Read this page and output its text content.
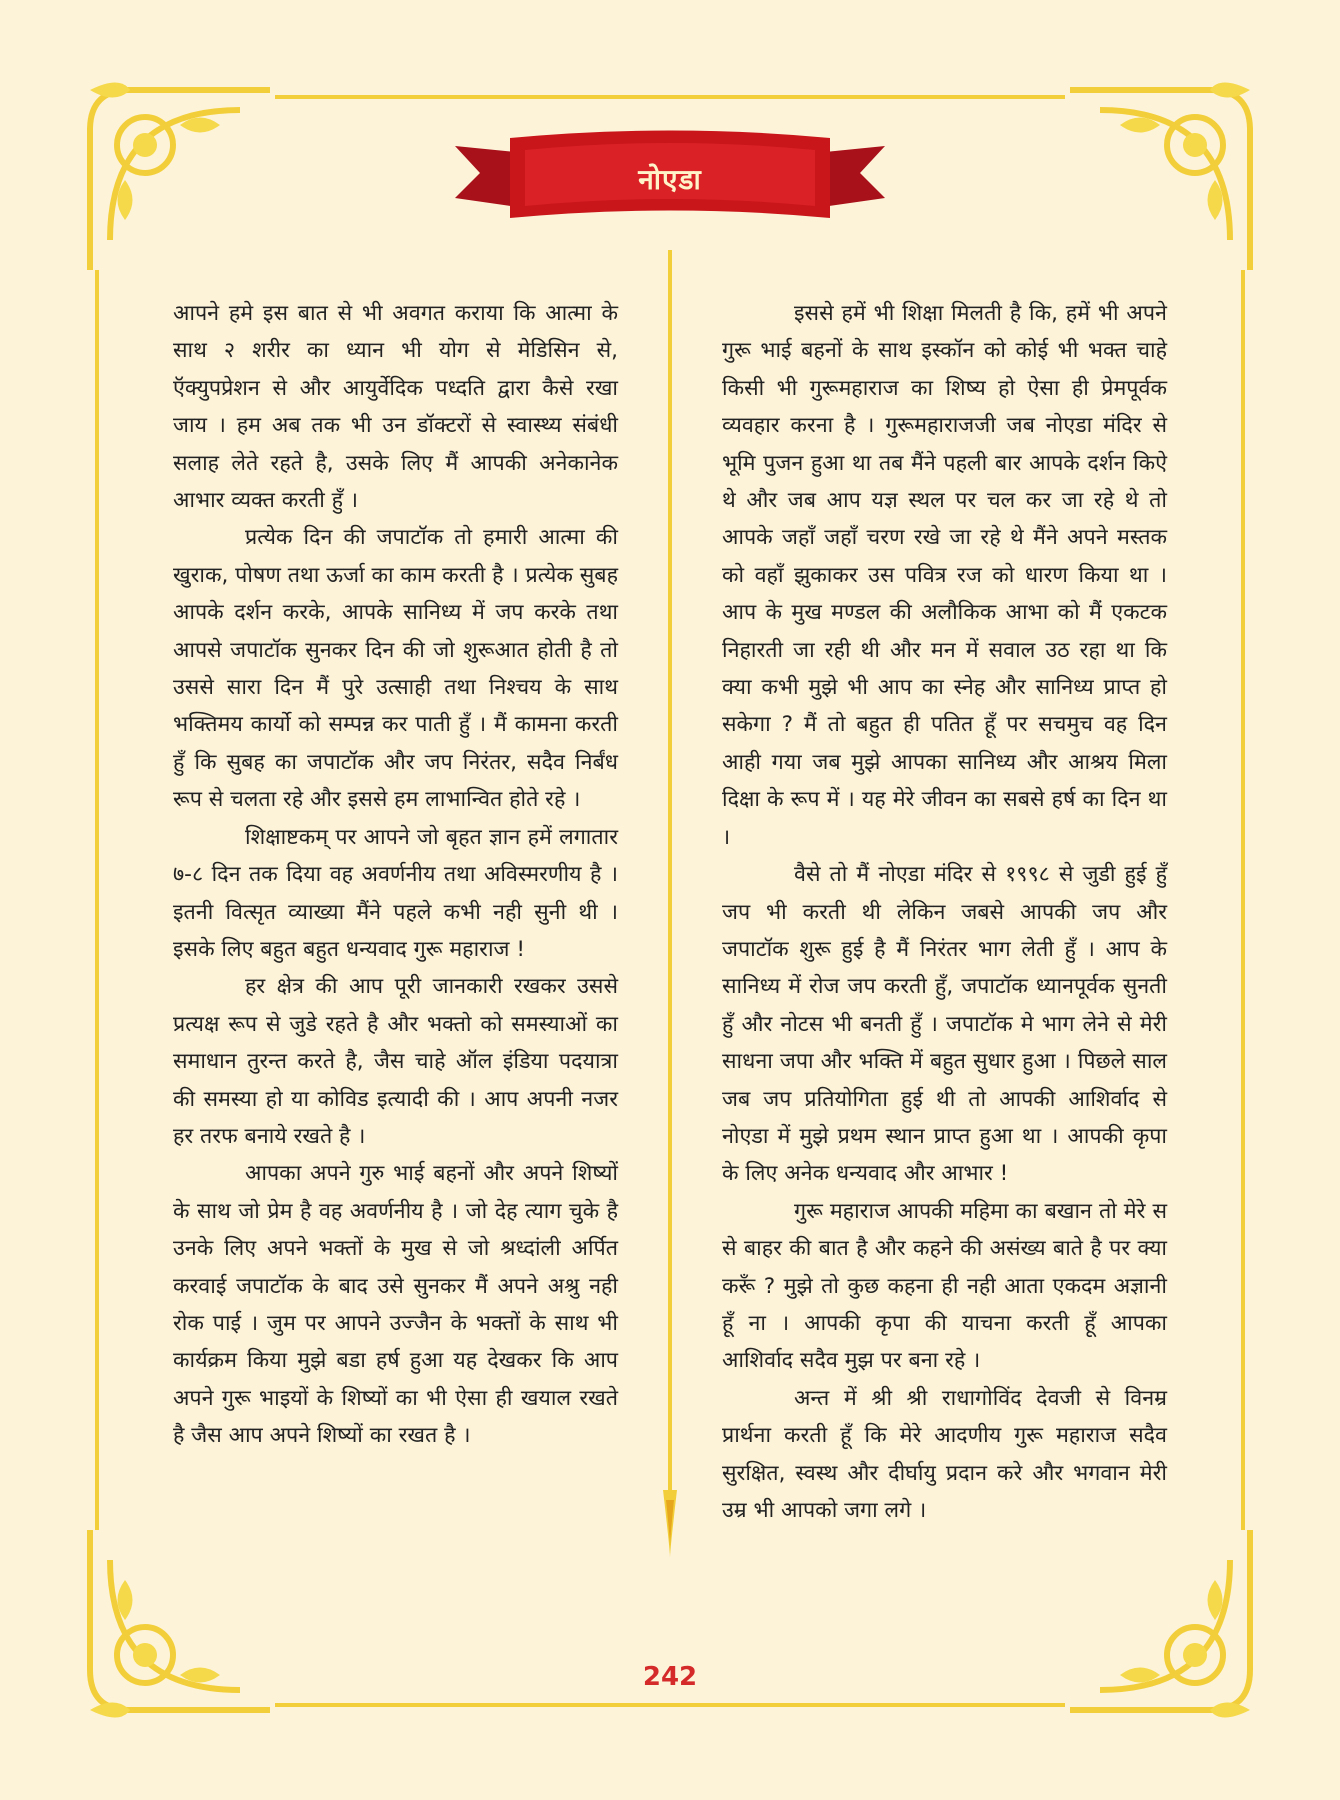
नोएडा

आपने हमे इस बात से भी अवगत कराया कि आत्मा के साथ २ शरीर का ध्यान भी योग से मेडिसिन से, ऍक्युपप्रेशन से और आयुर्वेदिक पध्दति द्वारा कैसे रखा जाय । हम अब तक भी उन डॉक्टरों से स्वास्थ्य संबंधी सलाह लेते रहते है, उसके लिए मैं आपकी अनेकानेक आभार व्यक्त करती हुँ ।

प्रत्येक दिन की जपाटॉक तो हमारी आत्मा की खुराक, पोषण तथा ऊर्जा का काम करती है । प्रत्येक सुबह आपके दर्शन करके, आपके सानिध्य में जप करके तथा आपसे जपाटॉक सुनकर दिन की जो शुरूआत होती है तो उससे सारा दिन मैं पुरे उत्साही तथा निश्चय के साथ भक्तिमय कार्यो को सम्पन्न कर पाती हुँ । मैं कामना करती हुँ कि सुबह का जपाटॉक और जप निरंतर, सदैव निर्बंध रूप से चलता रहे और इससे हम लाभान्वित होते रहे ।

शिक्षाष्टकम् पर आपने जो बृहत ज्ञान हमें लगातार ७-८ दिन तक दिया वह अवर्णनीय तथा अविस्मरणीय है । इतनी वित्सृत व्याख्या मैंने पहले कभी नही सुनी थी । इसके लिए बहुत बहुत धन्यवाद गुरू महाराज !

हर क्षेत्र की आप पूरी जानकारी रखकर उससे प्रत्यक्ष रूप से जुडे रहते है और भक्तो को समस्याओं का समाधान तुरन्त करते है, जैस चाहे ऑल इंडिया पदयात्रा की समस्या हो या कोविड इत्यादी की । आप अपनी नजर हर तरफ बनाये रखते है ।

आपका अपने गुरु भाई बहनों और अपने शिष्यों के साथ जो प्रेम है वह अवर्णनीय है । जो देह त्याग चुके है उनके लिए अपने भक्तों के मुख से जो श्रध्दांली अर्पित करवाई जपाटॉक के बाद उसे सुनकर मैं अपने अश्रु नही रोक पाई । जुम पर आपने उज्जैन के भक्तों के साथ भी कार्यक्रम किया मुझे बडा हर्ष हुआ यह देखकर कि आप अपने गुरू भाइयों के शिष्यों का भी ऐसा ही खयाल रखते है जैस आप अपने शिष्यों का रखत है ।

इससे हमें भी शिक्षा मिलती है कि, हमें भी अपने गुरू भाई बहनों के साथ इस्कॉन को कोई भी भक्त चाहे किसी भी गुरूमहाराज का शिष्य हो ऐसा ही प्रेमपूर्वक व्यवहार करना है । गुरूमहाराजजी जब नोएडा मंदिर से भूमि पुजन हुआ था तब मैंने पहली बार आपके दर्शन किऐ थे और जब आप यज्ञ स्थल पर चल कर जा रहे थे तो आपके जहाँ जहाँ चरण रखे जा रहे थे मैंने अपने मस्तक को वहाँ झुकाकर उस पवित्र रज को धारण किया था । आप के मुख मण्डल की अलौकिक आभा को मैं एकटक निहारती जा रही थी और मन में सवाल उठ रहा था कि क्या कभी मुझे भी आप का स्नेह और सानिध्य प्राप्त हो सकेगा ? मैं तो बहुत ही पतित हूँ पर सचमुच वह दिन आही गया जब मुझे आपका सानिध्य और आश्रय मिला दिक्षा के रूप में । यह मेरे जीवन का सबसे हर्ष का दिन था ।

वैसे तो मैं नोएडा मंदिर से १९९८ से जुडी हुई हुँ जप भी करती थी लेकिन जबसे आपकी जप और जपाटॉक शुरू हुई है मैं निरंतर भाग लेती हुँ । आप के सानिध्य में रोज जप करती हुँ, जपाटॉक ध्यानपूर्वक सुनती हुँ और नोटस भी बनती हुँ । जपाटॉक मे भाग लेने से मेरी साधना जपा और भक्ति में बहुत सुधार हुआ । पिछले साल जब जप प्रतियोगिता हुई थी तो आपकी आशिर्वाद से नोएडा में मुझे प्रथम स्थान प्राप्त हुआ था । आपकी कृपा के लिए अनेक धन्यवाद और आभार !

गुरू महाराज आपकी महिमा का बखान तो मेरे स से बाहर की बात है और कहने की असंख्य बाते है पर क्या करूँ ? मुझे तो कुछ कहना ही नही आता एकदम अज्ञानी हूँ ना । आपकी कृपा की याचना करती हूँ आपका आशिर्वाद सदैव मुझ पर बना रहे ।

अन्त में श्री श्री राधागोविंद देवजी से विनम्र प्रार्थना करती हूँ कि मेरे आदणीय गुरू महाराज सदैव सुरक्षित, स्वस्थ और दीर्घायु प्रदान करे और भगवान मेरी उम्र भी आपको जगा लगे ।

242
